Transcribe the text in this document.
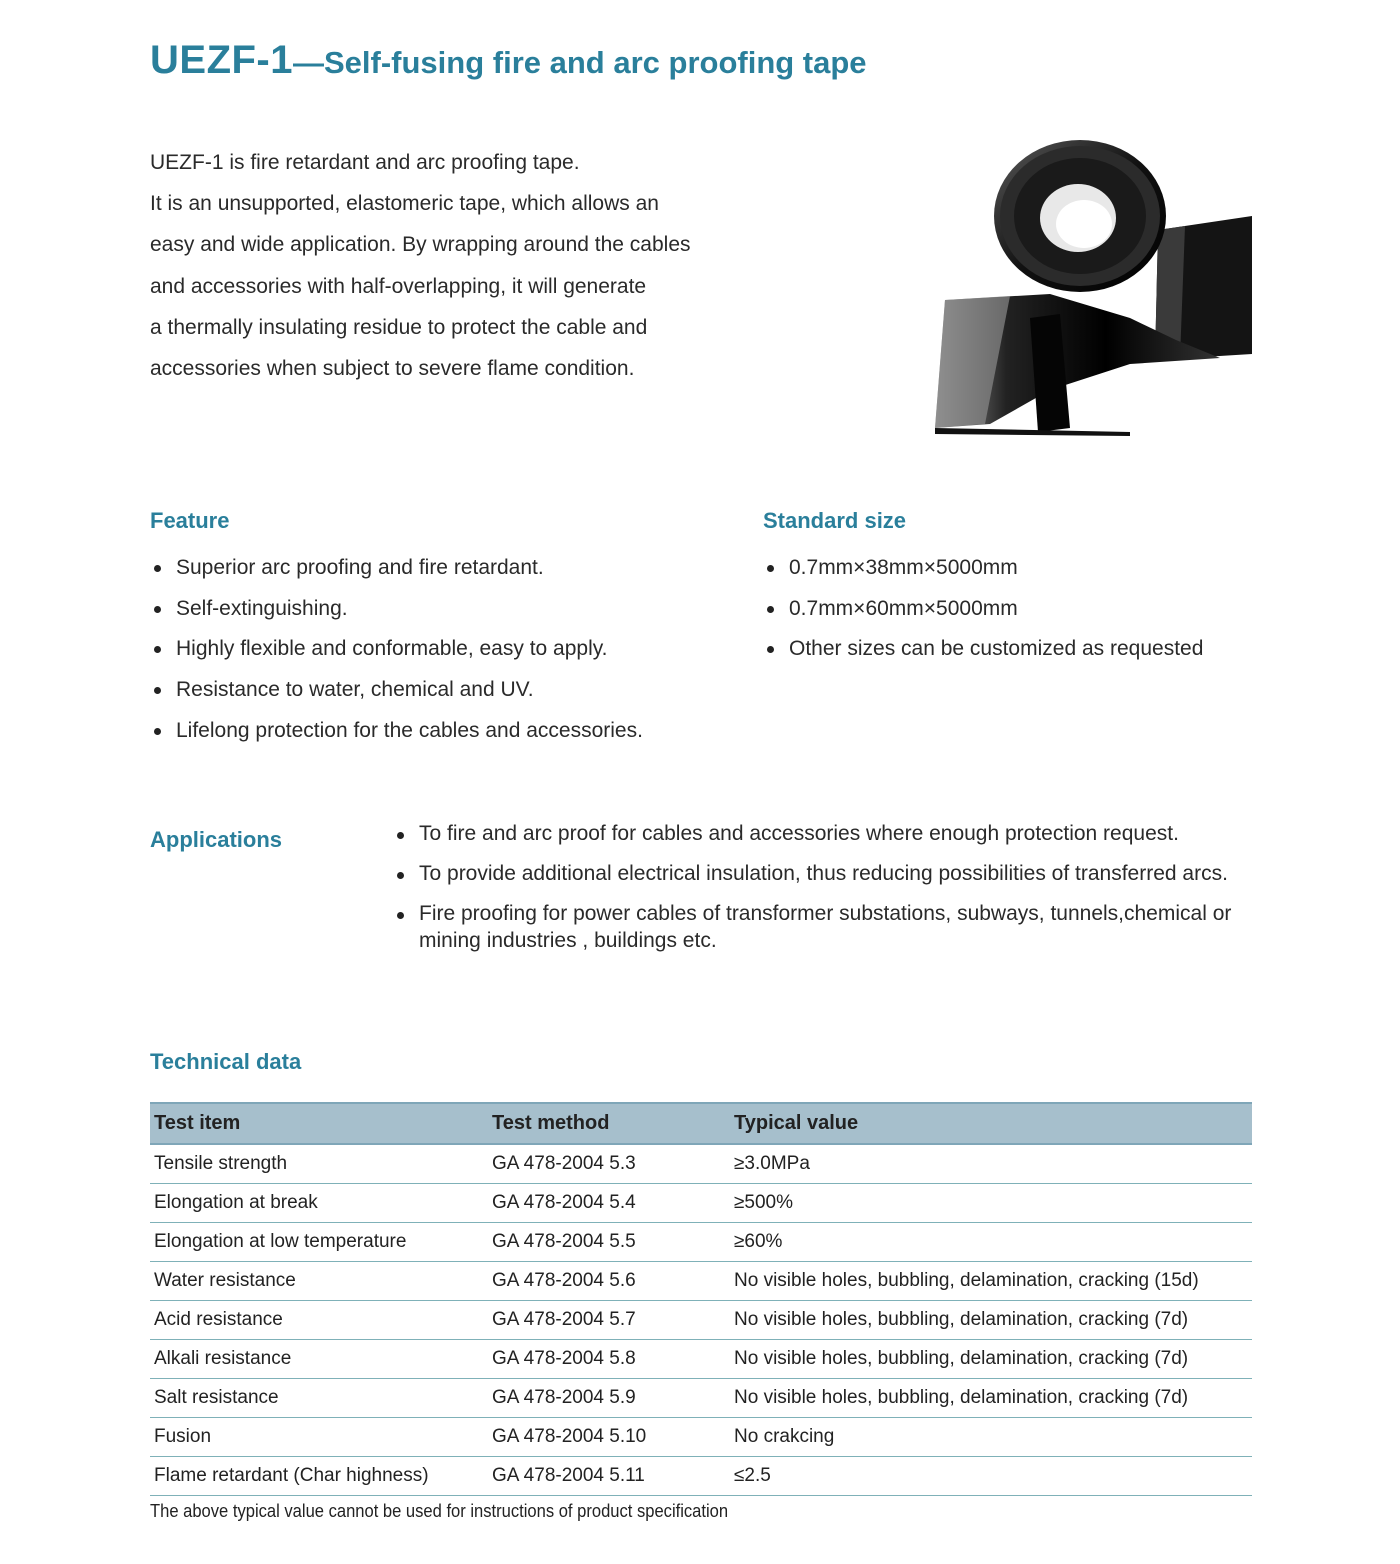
UEZF-1—Self-fusing fire and arc proofing tape
UEZF-1 is fire retardant and arc proofing tape.
It is an unsupported, elastomeric tape, which allows an
easy and wide application. By wrapping around the cables
and accessories with half-overlapping, it will generate
a thermally insulating residue to protect the cable and
accessories when subject to severe flame condition.
Feature
Superior arc proofing and fire retardant.
Self-extinguishing.
Highly flexible and conformable, easy to apply.
Resistance to water, chemical and UV.
Lifelong protection for the cables and accessories.
Standard size
0.7mm×38mm×5000mm
0.7mm×60mm×5000mm
Other sizes can be customized as requested
Applications	To fire and arc proof for cables and accessories where enough protection request.
To provide additional electrical insulation, thus reducing possibilities of transferred arcs.
Fire proofing for power cables of transformer substations, subways, tunnels,chemical or mining industries , buildings etc.
Technical data
Test item	Test method	Typical value
Tensile strength	GA 478-2004 5.3	≥3.0MPa
Elongation at break	GA 478-2004 5.4	≥500%
Elongation at low temperature	GA 478-2004 5.5	≥60%
Water resistance	GA 478-2004 5.6	No visible holes, bubbling, delamination, cracking (15d)
Acid resistance	GA 478-2004 5.7	No visible holes, bubbling, delamination, cracking (7d)
Alkali resistance	GA 478-2004 5.8	No visible holes, bubbling, delamination, cracking (7d)
Salt resistance	GA 478-2004 5.9	No visible holes, bubbling, delamination, cracking (7d)
Fusion	GA 478-2004 5.10	No crakcing
Flame retardant (Char highness)	GA 478-2004 5.11	≤2.5
The above typical value cannot be used for instructions of product specification
